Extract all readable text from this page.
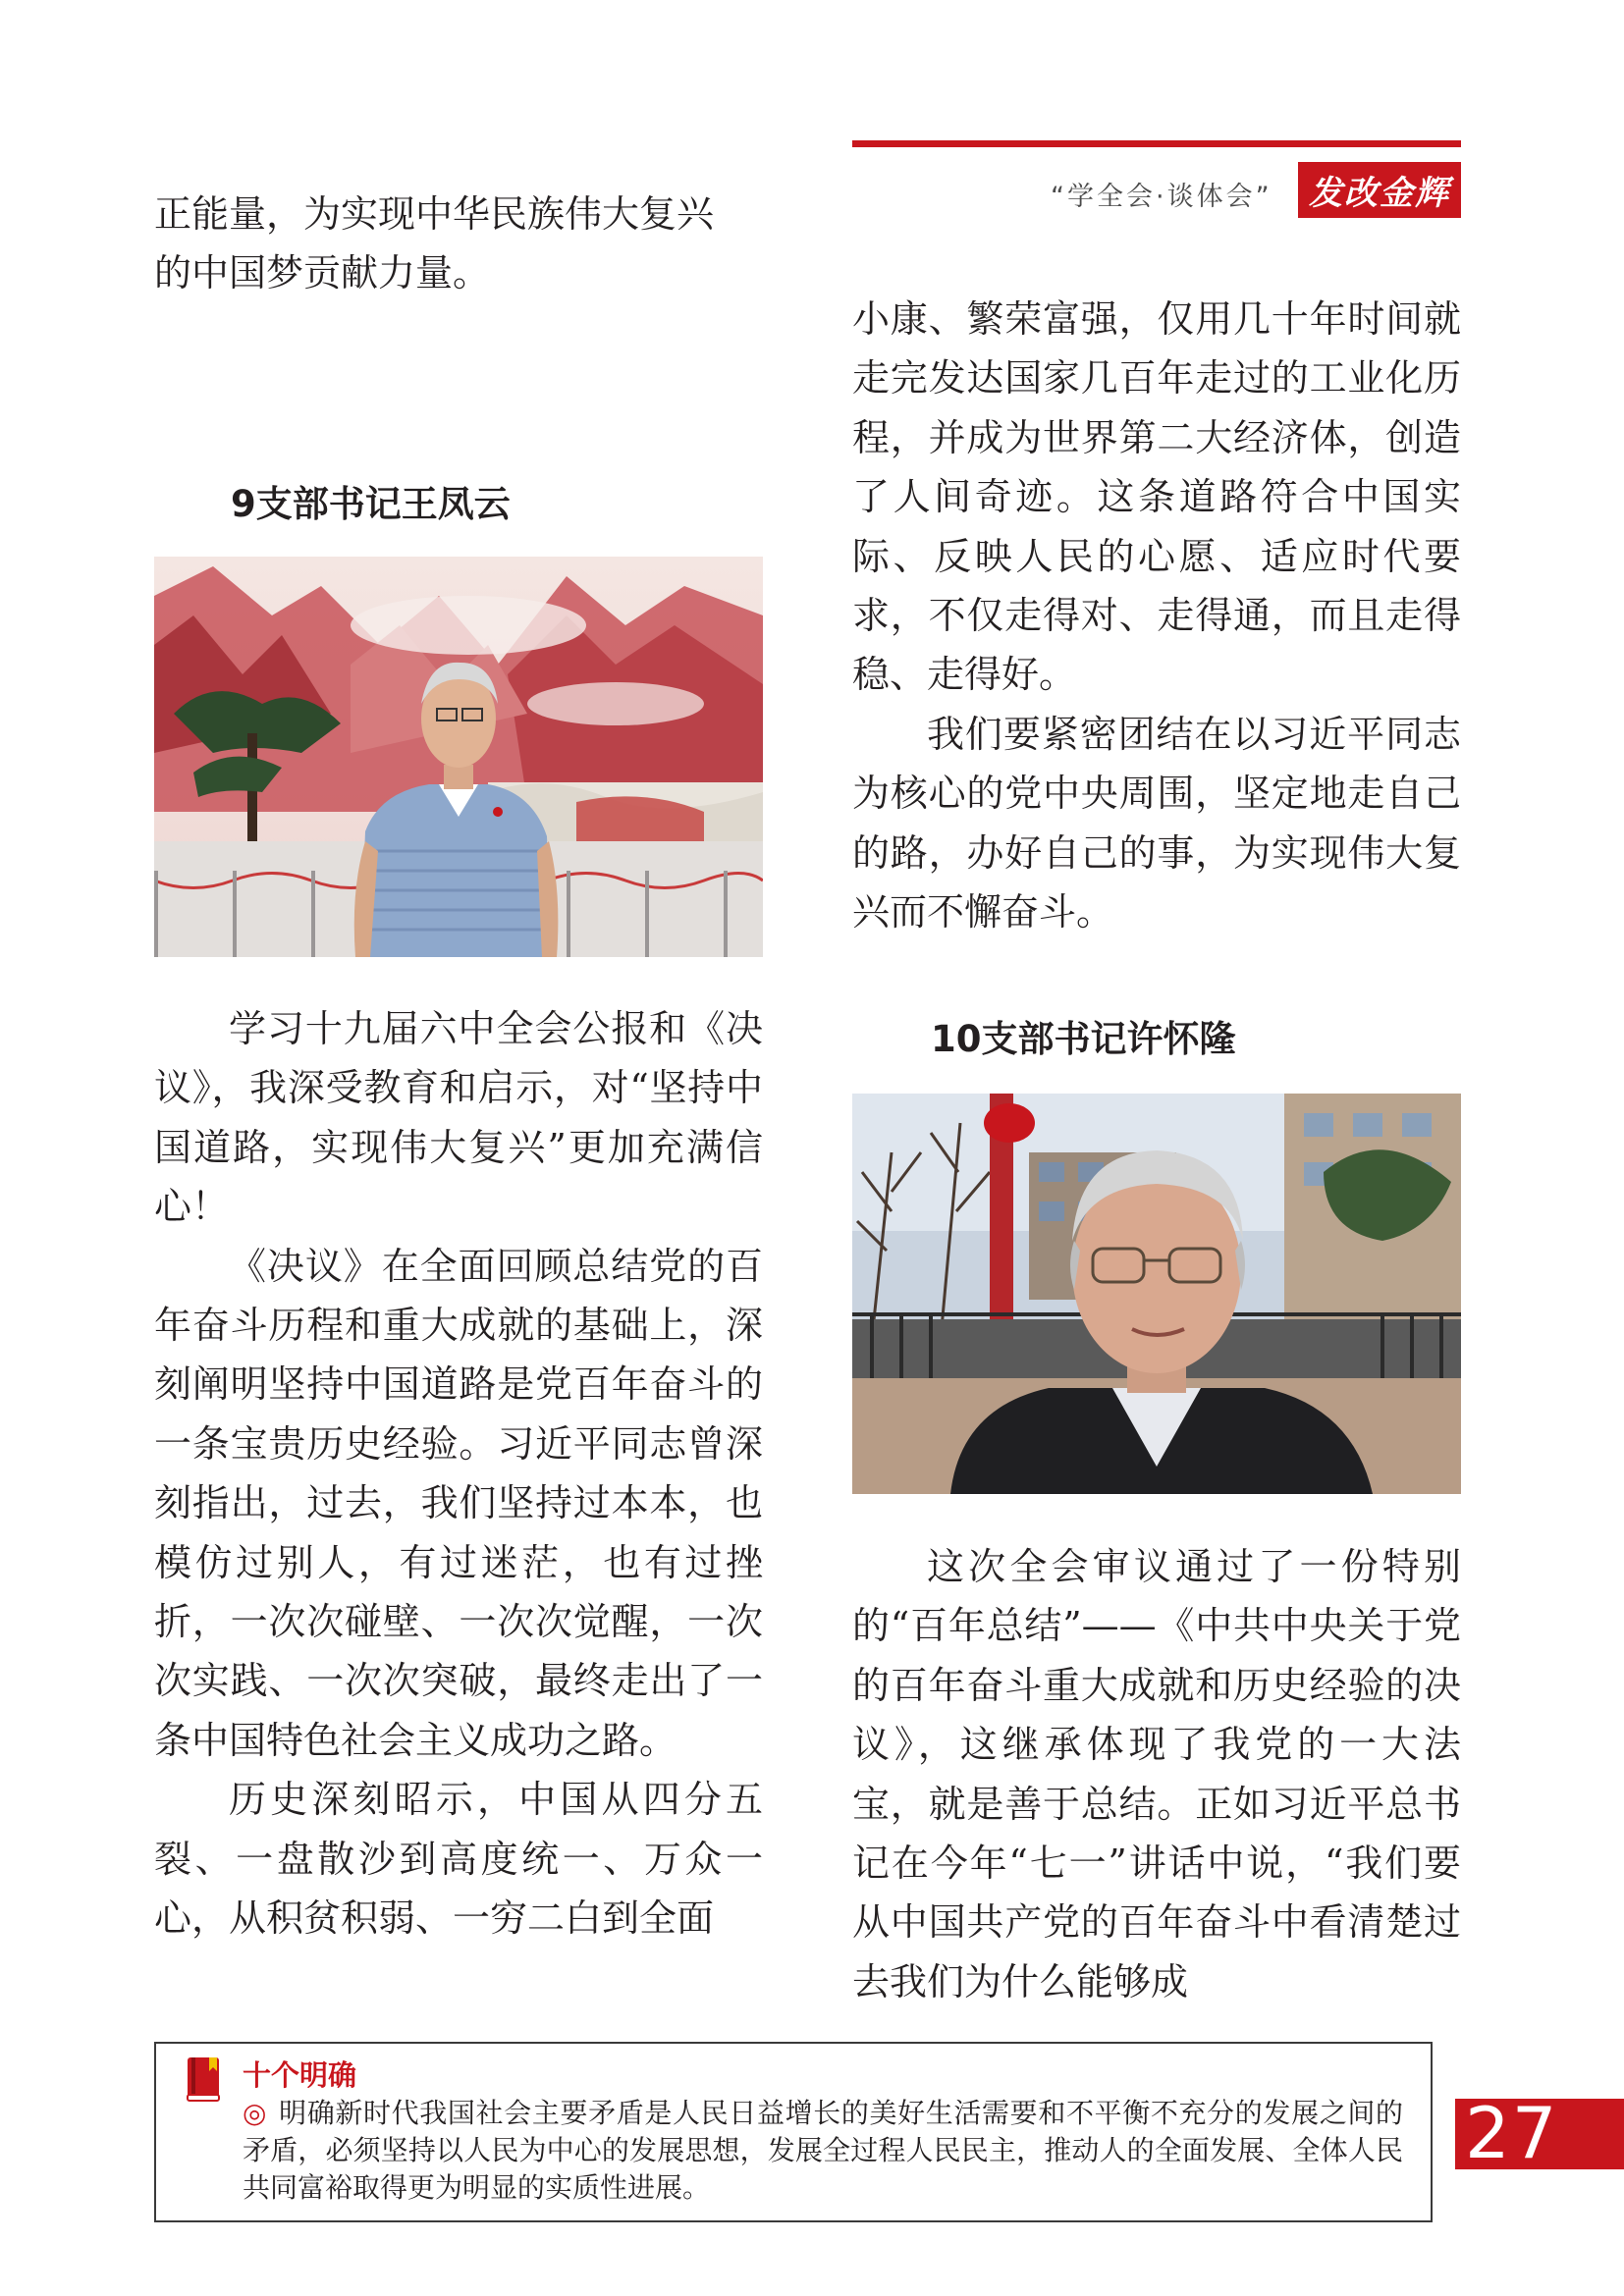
“学全会·谈体会”	发改金辉

正能量，为实现中华民族伟大复兴

的中国梦贡献力量。

9支部书记王凤云

学习十九届六中全会公报和《决议》，我深受教育和启示，对“坚持中国道路，实现伟大复兴”更加充满信心！

《决议》在全面回顾总结党的百年奋斗历程和重大成就的基础上，深刻阐明坚持中国道路是党百年奋斗的一条宝贵历史经验。习近平同志曾深刻指出，过去，我们坚持过本本，也模仿过别人，有过迷茫，也有过挫折，一次次碰壁、一次次觉醒，一次次实践、一次次突破，最终走出了一条中国特色社会主义成功之路。

历史深刻昭示，中国从四分五裂、一盘散沙到高度统一、万众一心，从积贫积弱、一穷二白到全面

小康、繁荣富强，仅用几十年时间就走完发达国家几百年走过的工业化历程，并成为世界第二大经济体，创造了人间奇迹。这条道路符合中国实际、反映人民的心愿、适应时代要求，不仅走得对、走得通，而且走得稳、走得好。

我们要紧密团结在以习近平同志为核心的党中央周围，坚定地走自己的路，办好自己的事，为实现伟大复兴而不懈奋斗。

10支部书记许怀隆

这次全会审议通过了一份特别的“百年总结”——《中共中央关于党的百年奋斗重大成就和历史经验的决议》，这继承体现了我党的一大法宝，就是善于总结。正如习近平总书记在今年“七一”讲话中说，“我们要从中国共产党的百年奋斗中看清楚过去我们为什么能够成

十个明确
◎ 明确新时代我国社会主要矛盾是人民日益增长的美好生活需要和不平衡不充分的发展之间的矛盾，必须坚持以人民为中心的发展思想，发展全过程人民民主，推动人的全面发展、全体人民共同富裕取得更为明显的实质性进展。
27
